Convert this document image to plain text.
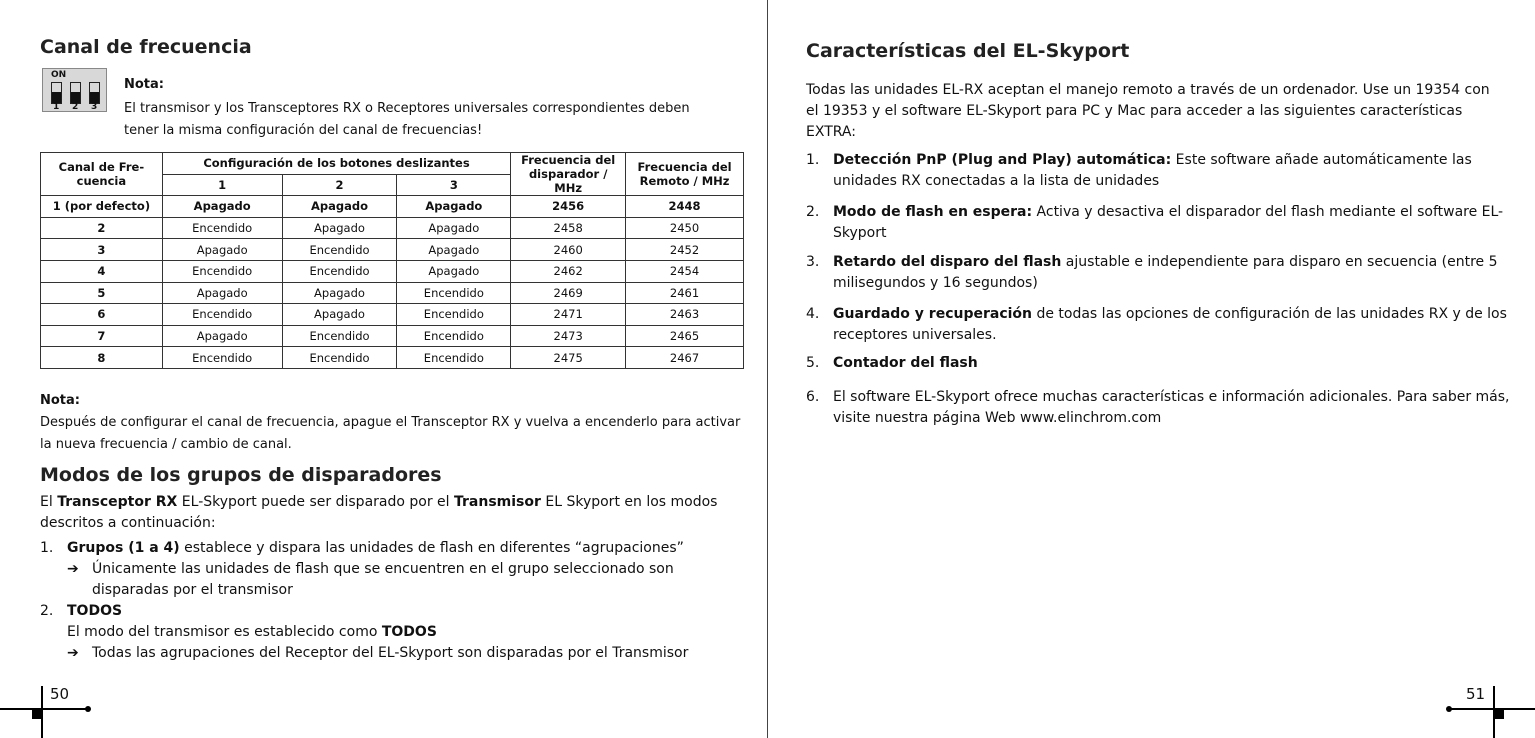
Canal de frecuencia
ON
1 2 3
Nota:
El transmisor y los Transceptores RX o Receptores universales correspondientes deben tener la misma configuración del canal de frecuencias!
Canal de Fre-cuencia	Configuración de los botones deslizantes			Frecuencia del disparador / MHz	Frecuencia del Remoto / MHz
	1	2	3		
1 (por defecto)	Apagado	Apagado	Apagado	2456	2448
2	Encendido	Apagado	Apagado	2458	2450
3	Apagado	Encendido	Apagado	2460	2452
4	Encendido	Encendido	Apagado	2462	2454
5	Apagado	Apagado	Encendido	2469	2461
6	Encendido	Apagado	Encendido	2471	2463
7	Apagado	Encendido	Encendido	2473	2465
8	Encendido	Encendido	Encendido	2475	2467
Nota:
Después de configurar el canal de frecuencia, apague el Transceptor RX y vuelva a encenderlo para activar la nueva frecuencia / cambio de canal.
Modos de los grupos de disparadores
El Transceptor RX EL-Skyport puede ser disparado por el Transmisor EL Skyport en los modos descritos a continuación:
1. Grupos (1 a 4) establece y dispara las unidades de flash en diferentes “agrupaciones”
➔ Únicamente las unidades de flash que se encuentren en el grupo seleccionado son disparadas por el transmisor
2. TODOS
El modo del transmisor es establecido como TODOS
➔ Todas las agrupaciones del Receptor del EL-Skyport son disparadas por el Transmisor
50
Características del EL-Skyport
Todas las unidades EL-RX aceptan el manejo remoto a través de un ordenador. Use un 19354 con el 19353 y el software EL-Skyport para PC y Mac para acceder a las siguientes características EXTRA:
1. Detección PnP (Plug and Play) automática: Este software añade automáticamente las unidades RX conectadas a la lista de unidades
2. Modo de flash en espera: Activa y desactiva el disparador del flash mediante el software EL-Skyport
3. Retardo del disparo del flash ajustable e independiente para disparo en secuencia (entre 5 milisegundos y 16 segundos)
4. Guardado y recuperación de todas las opciones de configuración de las unidades RX y de los receptores universales.
5. Contador del flash
6. El software EL-Skyport ofrece muchas características e información adicionales. Para saber más, visite nuestra página Web www.elinchrom.com
51
